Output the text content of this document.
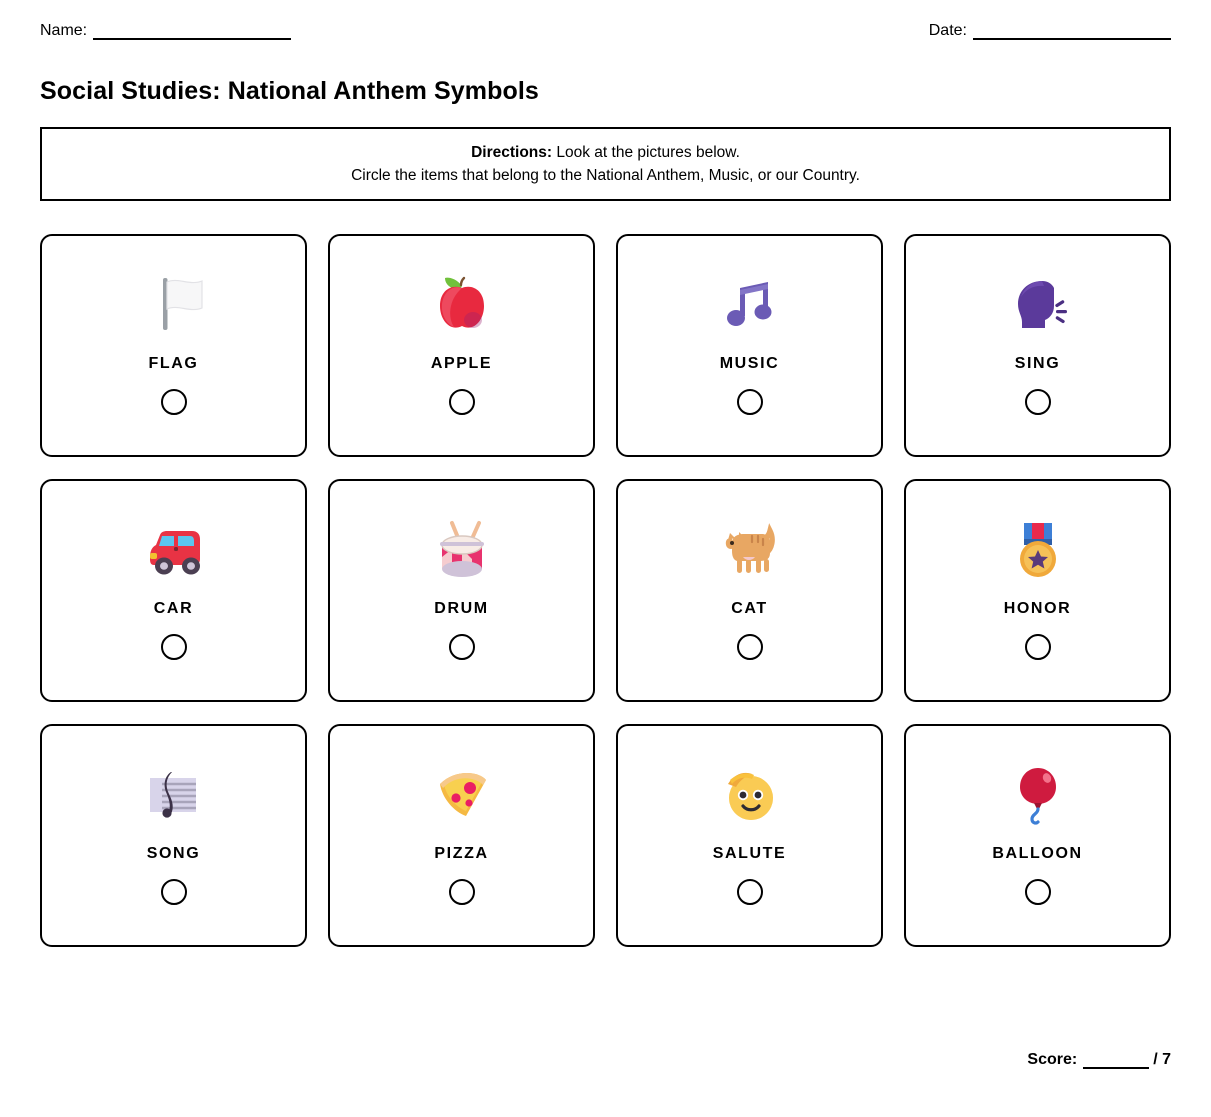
Name:	Date:
Social Studies: National Anthem Symbols
Directions: Look at the pictures below.
Circle the items that belong to the National Anthem, Music, or our Country.
FLAG	APPLE	MUSIC	SING
CAR	DRUM	CAT	HONOR
SONG	PIZZA	SALUTE	BALLOON
Score:	/ 7
